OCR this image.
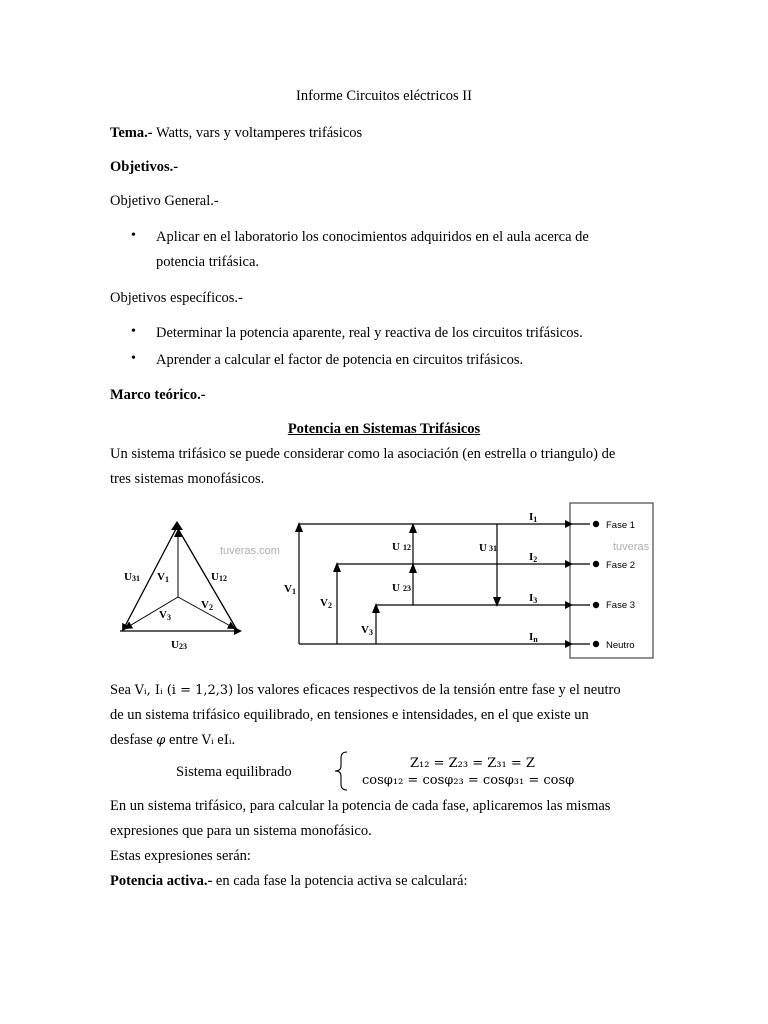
Informe Circuitos eléctricos II
Tema.- Watts, vars y voltamperes trifásicos
Objetivos.-
Objetivo General.-
• Aplicar en el laboratorio los conocimientos adquiridos en el aula acerca de
potencia trifásica.
Objetivos específicos.-
• Determinar la potencia aparente, real y reactiva de los circuitos trifásicos.
• Aprender a calcular el factor de potencia en circuitos trifásicos.
Marco teórico.-
Potencia en Sistemas Trifásicos
Un sistema trifásico se puede considerar como la asociación (en estrella o triangulo) de
tres sistemas monofásicos.
tuveras.com
U31 V1	U12
V2
V3
U23
Fase 1
Fase 2
Fase 3
Neutro
tuveras
V1
V2
V3
U 12
U 23
U 31
I1
I2
I3
In
Sea Vᵢ, Iᵢ (i = 1,2,3) los valores eficaces respectivos de la tensión entre fase y el neutro
de un sistema trifásico equilibrado, en tensiones e intensidades, en el que existe un
desfase φ entre Vᵢ eIᵢ.
Sistema equilibrado
Z₁₂ = Z₂₃ = Z₃₁ = Z
cosφ₁₂ = cosφ₂₃ = cosφ₃₁ = cosφ
En un sistema trifásico, para calcular la potencia de cada fase, aplicaremos las mismas
expresiones que para un sistema monofásico.
Estas expresiones serán:
Potencia activa.- en cada fase la potencia activa se calculará:
